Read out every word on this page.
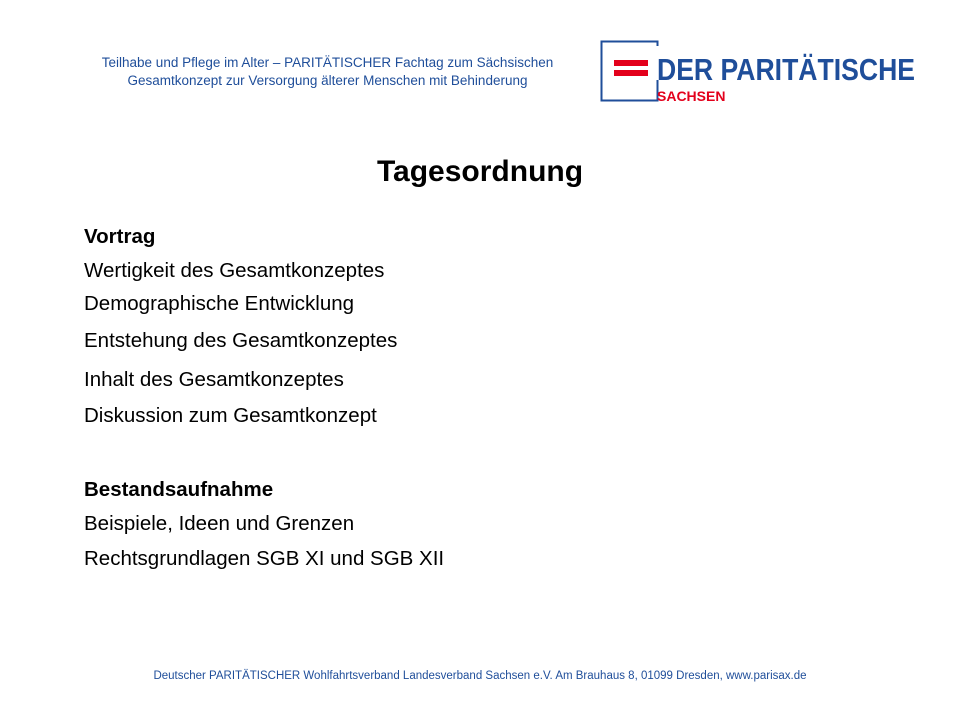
Teilhabe und Pflege im Alter – PARITÄTISCHER Fachtag zum Sächsischen
Gesamtkonzept zur Versorgung älterer Menschen mit Behinderung	DER PARITÄTISCHE
SACHSEN
Tagesordnung
Vortrag
Wertigkeit des Gesamtkonzeptes
Demographische Entwicklung
Entstehung des Gesamtkonzeptes
Inhalt des Gesamtkonzeptes
Diskussion zum Gesamtkonzept
Bestandsaufnahme
Beispiele, Ideen und Grenzen
Rechtsgrundlagen SGB XI und SGB XII
Deutscher PARITÄTISCHER Wohlfahrtsverband Landesverband Sachsen e.V. Am Brauhaus 8, 01099 Dresden, www.parisax.de
